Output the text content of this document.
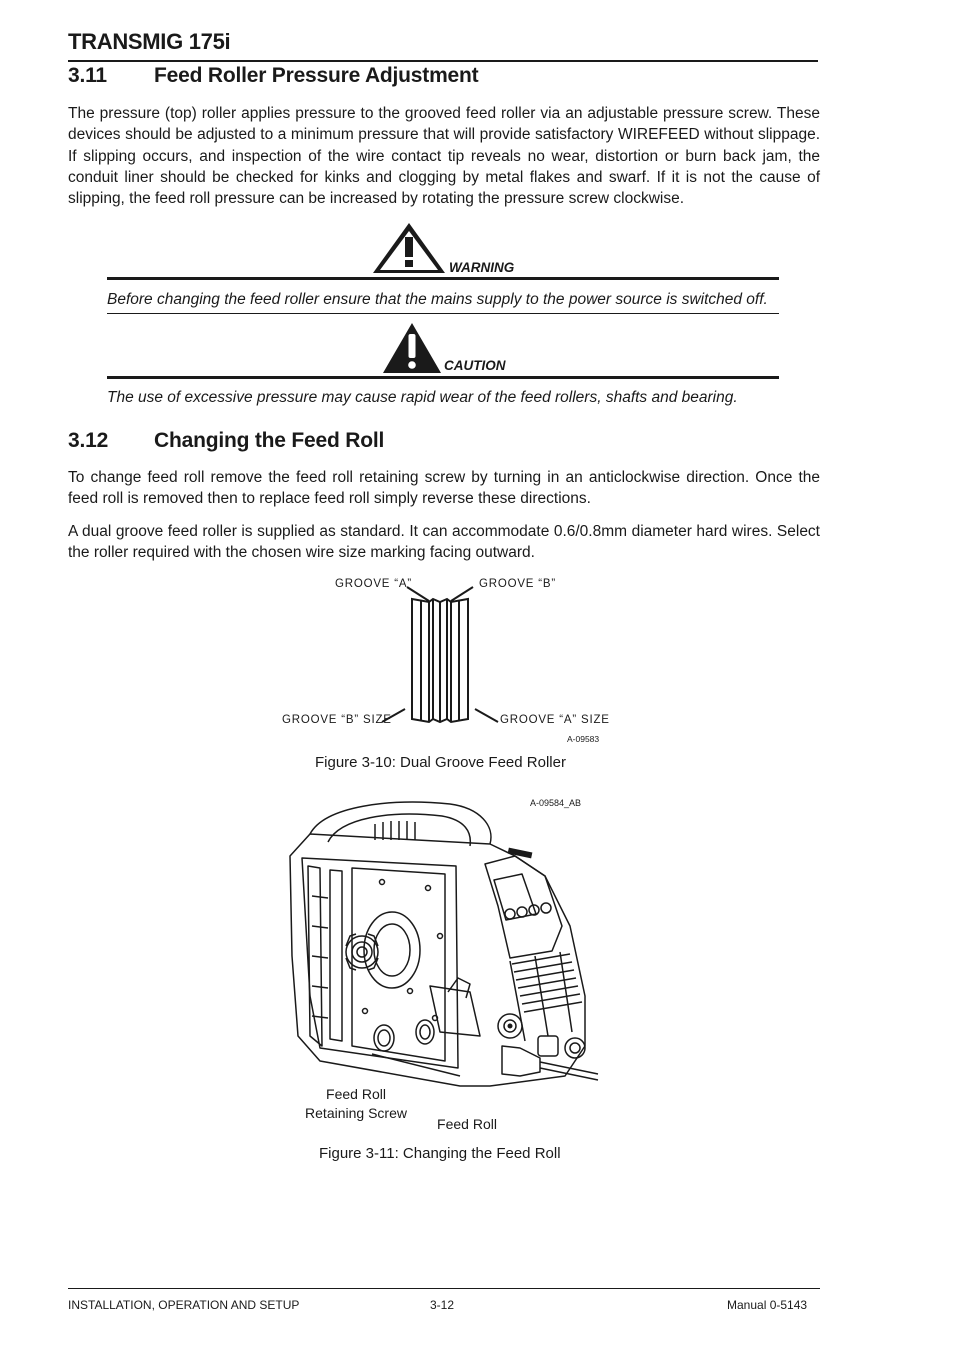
TRANSMIG 175i
3.11 Feed Roller Pressure Adjustment
The pressure (top) roller applies pressure to the grooved feed roller via an adjustable pressure screw. These devices should be adjusted to a minimum pressure that will provide satisfactory WIREFEED without slippage. If slipping occurs, and inspection of the wire contact tip reveals no wear, distortion or burn back jam, the conduit liner should be checked for kinks and clogging by metal flakes and swarf. If it is not the cause of slipping, the feed roll pressure can be increased by rotating the pressure screw clockwise.
WARNING
Before changing the feed roller ensure that the mains supply to the power source is switched off.
CAUTION
The use of excessive pressure may cause rapid wear of the feed rollers, shafts and bearing.
3.12 Changing the Feed Roll
To change feed roll remove the feed roll retaining screw by turning in an anticlockwise direction. Once the feed roll is removed then to replace feed roll simply reverse these directions.
A dual groove feed roller is supplied as standard. It can accommodate 0.6/0.8mm diameter hard wires. Select the roller required with the chosen wire size marking facing outward.
GROOVE “A”	GROOVE “B”
GROOVE “B” SIZE	GROOVE “A” SIZE
A-09583
Figure 3-10: Dual Groove Feed Roller
A-09584_AB
Feed Roll
Retaining Screw
Feed Roll
Figure 3-11: Changing the Feed Roll
INSTALLATION, OPERATION AND SETUP	3-12	Manual 0-5143
